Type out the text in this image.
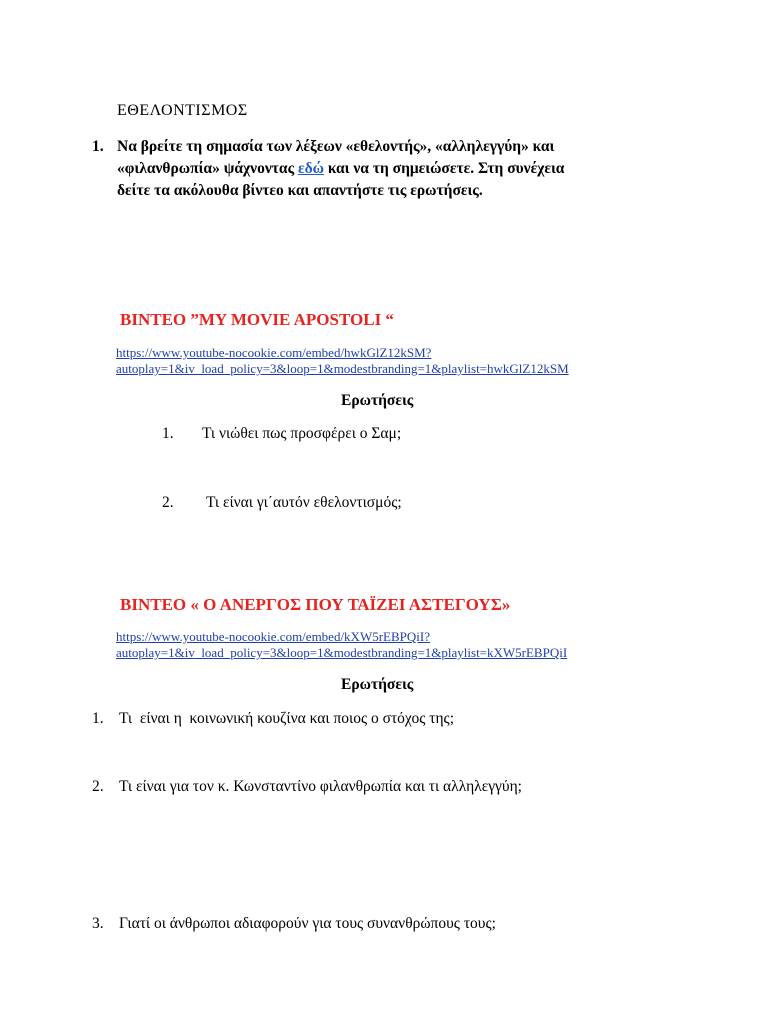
ΕΘΕΛΟΝΤΙΣΜΟΣ
1. Να βρείτε τη σημασία των λέξεων «εθελοντής», «αλληλεγγύη» και
«φιλανθρωπία» ψάχνοντας εδώ και να τη σημειώσετε. Στη συνέχεια
δείτε τα ακόλουθα βίντεο και απαντήστε τις ερωτήσεις.
ΒΙΝΤΕΟ ”MY MOVIE APOSTOLI “
https://www.youtube-nocookie.com/embed/hwkGlZ12kSM?
autoplay=1&iv_load_policy=3&loop=1&modestbranding=1&playlist=hwkGlZ12kSM
Ερωτήσεις
1. Τι νιώθει πως προσφέρει ο Σαμ;
2. Τι είναι γι΄αυτόν εθελοντισμός;
ΒΙΝΤΕΟ « Ο ΑΝΕΡΓΟΣ ΠΟΥ ΤΑΪΖΕΙ ΑΣΤΕΓΟΥΣ»
https://www.youtube-nocookie.com/embed/kXW5rEBPQiI?
autoplay=1&iv_load_policy=3&loop=1&modestbranding=1&playlist=kXW5rEBPQiI
Ερωτήσεις
1. Τι  είναι η  κοινωνική κουζίνα και ποιος ο στόχος της;
2. Τι είναι για τον κ. Κωνσταντίνο φιλανθρωπία και τι αλληλεγγύη;
3. Γιατί οι άνθρωποι αδιαφορούν για τους συνανθρώπους τους;
